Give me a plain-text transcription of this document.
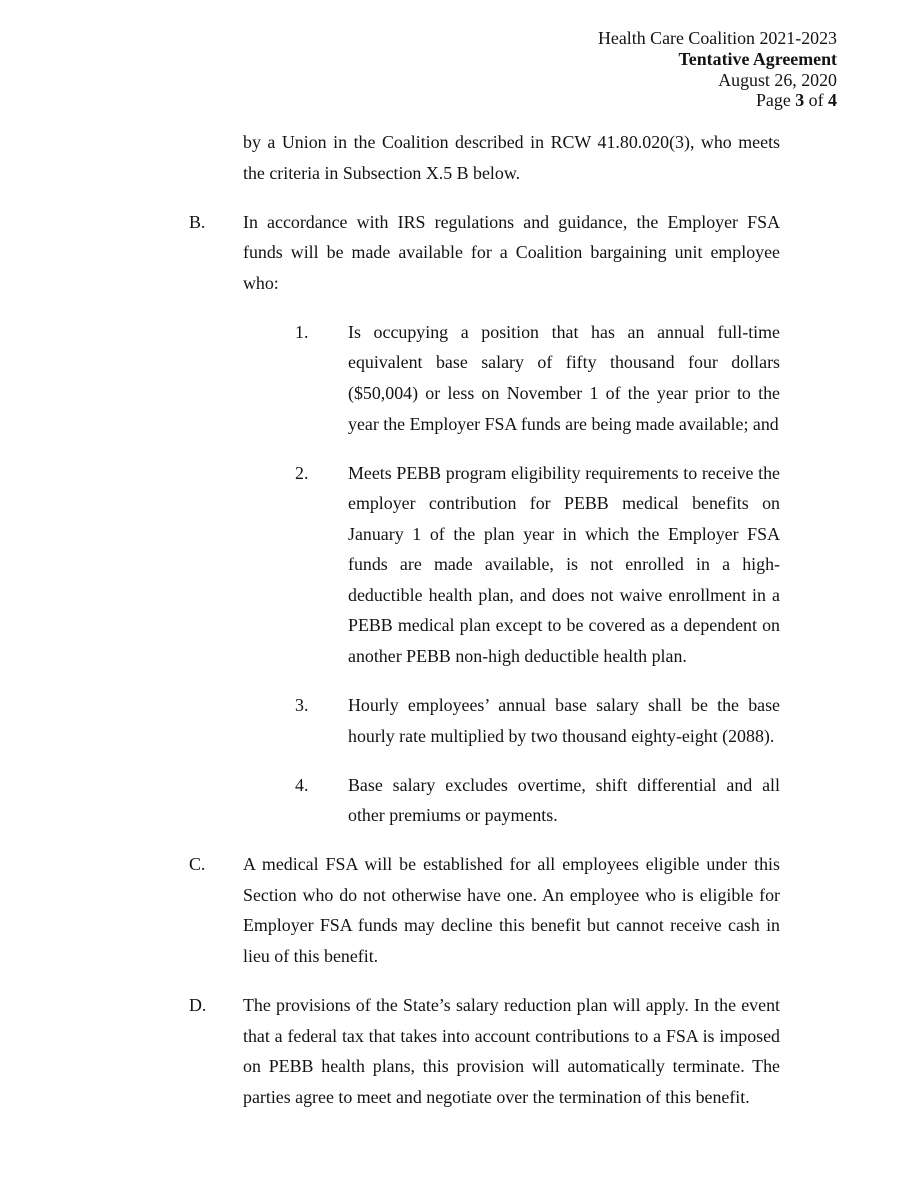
Health Care Coalition 2021-2023
Tentative Agreement
August 26, 2020
Page 3 of 4
by a Union in the Coalition described in RCW 41.80.020(3), who meets the criteria in Subsection X.5 B below.
B. In accordance with IRS regulations and guidance, the Employer FSA funds will be made available for a Coalition bargaining unit employee who:
1. Is occupying a position that has an annual full-time equivalent base salary of fifty thousand four dollars ($50,004) or less on November 1 of the year prior to the year the Employer FSA funds are being made available; and
2. Meets PEBB program eligibility requirements to receive the employer contribution for PEBB medical benefits on January 1 of the plan year in which the Employer FSA funds are made available, is not enrolled in a high-deductible health plan, and does not waive enrollment in a PEBB medical plan except to be covered as a dependent on another PEBB non-high deductible health plan.
3. Hourly employees’ annual base salary shall be the base hourly rate multiplied by two thousand eighty-eight (2088).
4. Base salary excludes overtime, shift differential and all other premiums or payments.
C. A medical FSA will be established for all employees eligible under this Section who do not otherwise have one. An employee who is eligible for Employer FSA funds may decline this benefit but cannot receive cash in lieu of this benefit.
D. The provisions of the State’s salary reduction plan will apply. In the event that a federal tax that takes into account contributions to a FSA is imposed on PEBB health plans, this provision will automatically terminate. The parties agree to meet and negotiate over the termination of this benefit.
